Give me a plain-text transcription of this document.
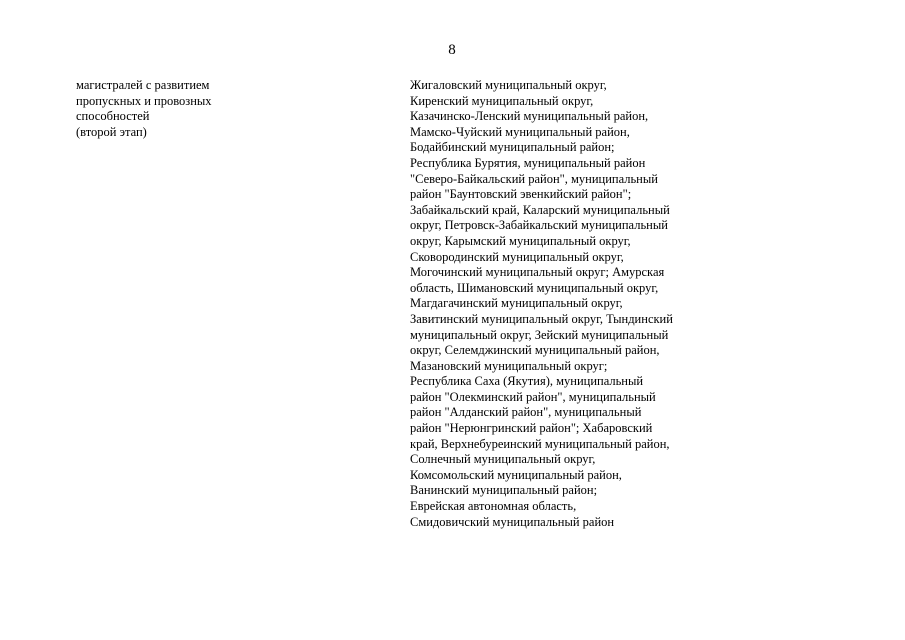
8
магистралей с развитием
пропускных и провозных
способностей
(второй этап)
Жигаловский муниципальный округ,
Киренский муниципальный округ,
Казачинско-Ленский муниципальный район,
Мамско-Чуйский муниципальный район,
Бодайбинский муниципальный район;
Республика Бурятия, муниципальный район
"Северо-Байкальский район", муниципальный
район "Баунтовский эвенкийский район";
Забайкальский край, Каларский муниципальный
округ, Петровск-Забайкальский муниципальный
округ, Карымский муниципальный округ,
Сковородинский муниципальный округ,
Могочинский муниципальный округ; Амурская
область, Шимановский муниципальный округ,
Магдагачинский муниципальный округ,
Завитинский муниципальный округ, Тындинский
муниципальный округ, Зейский муниципальный
округ, Селемджинский муниципальный район,
Мазановский муниципальный округ;
Республика Саха (Якутия), муниципальный
район "Олекминский район", муниципальный
район "Алданский район", муниципальный
район "Нерюнгринский район"; Хабаровский
край, Верхнебуреинский муниципальный район,
Солнечный муниципальный округ,
Комсомольский муниципальный район,
Ванинский муниципальный район;
Еврейская автономная область,
Смидовичский муниципальный район
